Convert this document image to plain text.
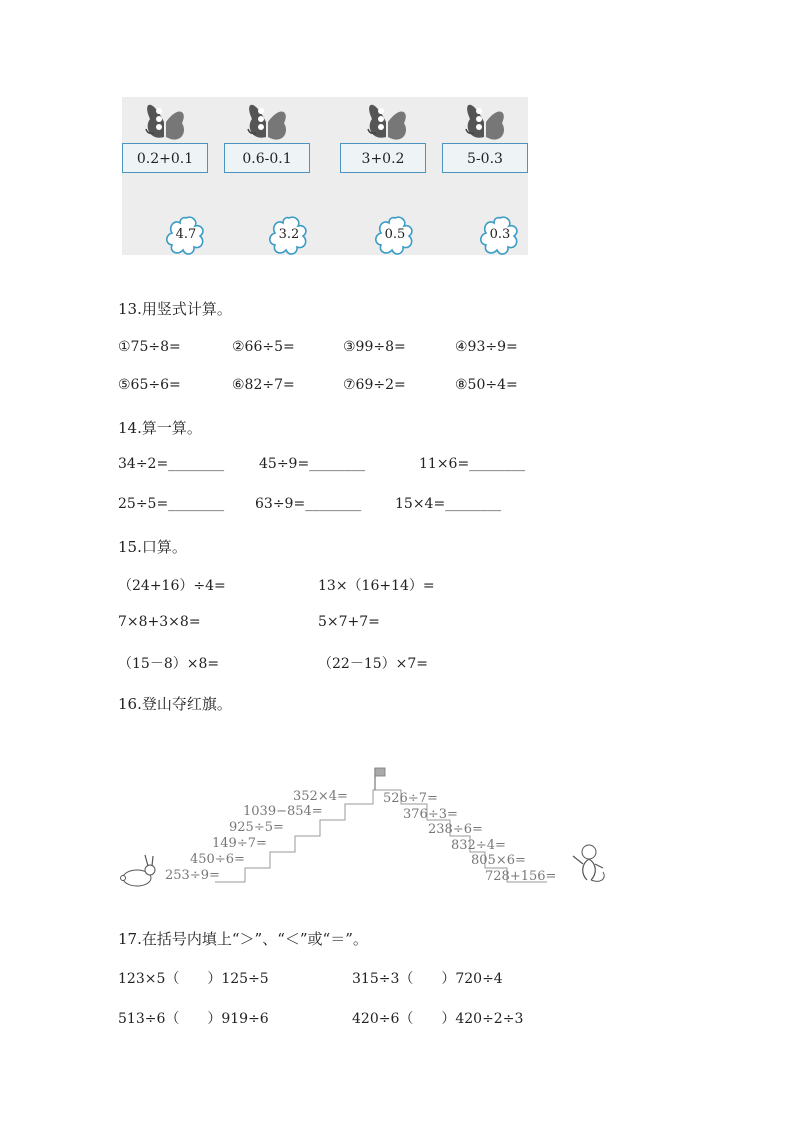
0.2+0.1	0.6-0.1	3+0.2	5-0.3
4.7	3.2	0.5	0.3
13.用竖式计算。
①75÷8=	②66÷5=	③99÷8=	④93÷9=
⑤65÷6=	⑥82÷7=	⑦69÷2=	⑧50÷4=
14.算一算。
34÷2=________ 45÷9=________	11×6=________
25÷5=________ 63÷9=________ 15×4=________
15.口算。
（24+16）÷4=	13×（16+14）=
7×8+3×8=	5×7+7=
（15－8）×8=	（22－15）×7=
16.登山夺红旗。
253÷9=
450÷6=
149÷7=
925÷5=
1039−854=
352×4=	526÷7=
376÷3=
238÷6=
832÷4=
805×6=
728+156=
17.在括号内填上“＞”、“＜”或“＝”。
123×5（　　）125÷5	315÷3（　　）720÷4
513÷6（　　）919÷6	420÷6（　　）420÷2÷3
